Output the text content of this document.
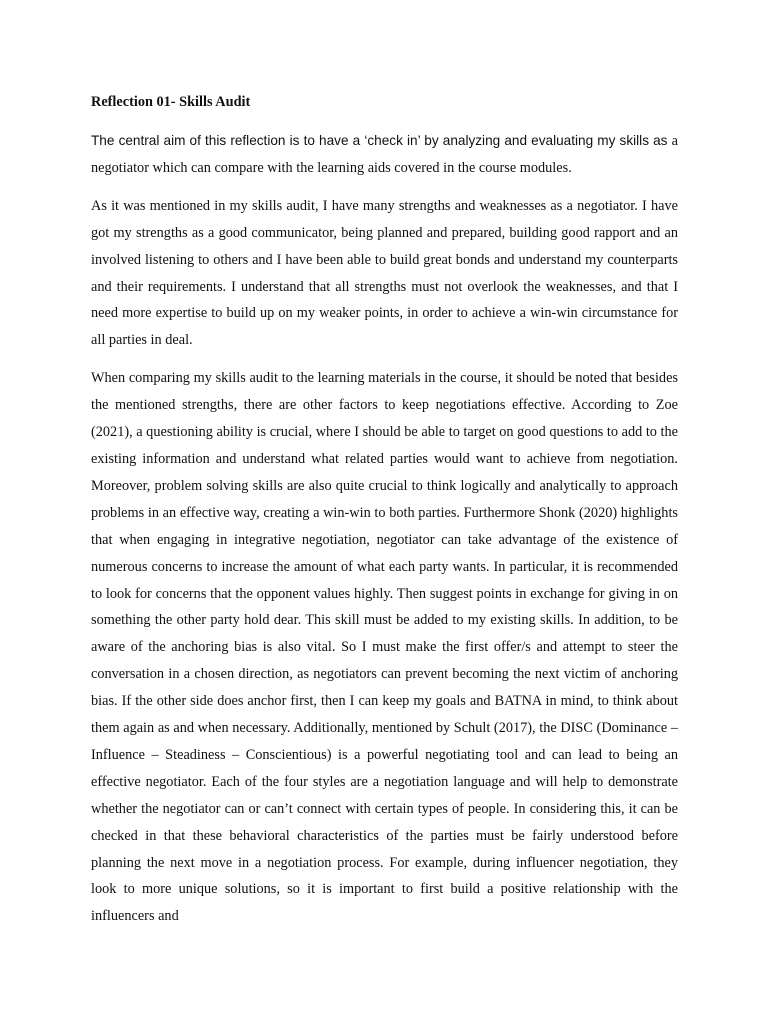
Reflection 01- Skills Audit

The central aim of this reflection is to have a ‘check in’ by analyzing and evaluating my skills as a negotiator which can compare with the learning aids covered in the course modules.

As it was mentioned in my skills audit, I have many strengths and weaknesses as a negotiator. I have got my strengths as a good communicator, being planned and prepared, building good rapport and an involved listening to others and I have been able to build great bonds and understand my counterparts and their requirements. I understand that all strengths must not overlook the weaknesses, and that I need more expertise to build up on my weaker points, in order to achieve a win-win circumstance for all parties in deal.

When comparing my skills audit to the learning materials in the course, it should be noted that besides the mentioned strengths, there are other factors to keep negotiations effective. According to Zoe (2021), a questioning ability is crucial, where I should be able to target on good questions to add to the existing information and understand what related parties would want to achieve from negotiation. Moreover, problem solving skills are also quite crucial to think logically and analytically to approach problems in an effective way, creating a win-win to both parties. Furthermore Shonk (2020) highlights that when engaging in integrative negotiation, negotiator can take advantage of the existence of numerous concerns to increase the amount of what each party wants. In particular, it is recommended to look for concerns that the opponent values highly. Then suggest points in exchange for giving in on something the other party hold dear. This skill must be added to my existing skills. In addition, to be aware of the anchoring bias is also vital. So I must make the first offer/s and attempt to steer the conversation in a chosen direction, as negotiators can prevent becoming the next victim of anchoring bias. If the other side does anchor first, then I can keep my goals and BATNA in mind, to think about them again as and when necessary. Additionally, mentioned by Schult (2017), the DISC (Dominance – Influence – Steadiness – Conscientious) is a powerful negotiating tool and can lead to being an effective negotiator. Each of the four styles are a negotiation language and will help to demonstrate whether the negotiator can or can’t connect with certain types of people. In considering this, it can be checked in that these behavioral characteristics of the parties must be fairly understood before planning the next move in a negotiation process. For example, during influencer negotiation, they look to more unique solutions, so it is important to first build a positive relationship with the influencers and
